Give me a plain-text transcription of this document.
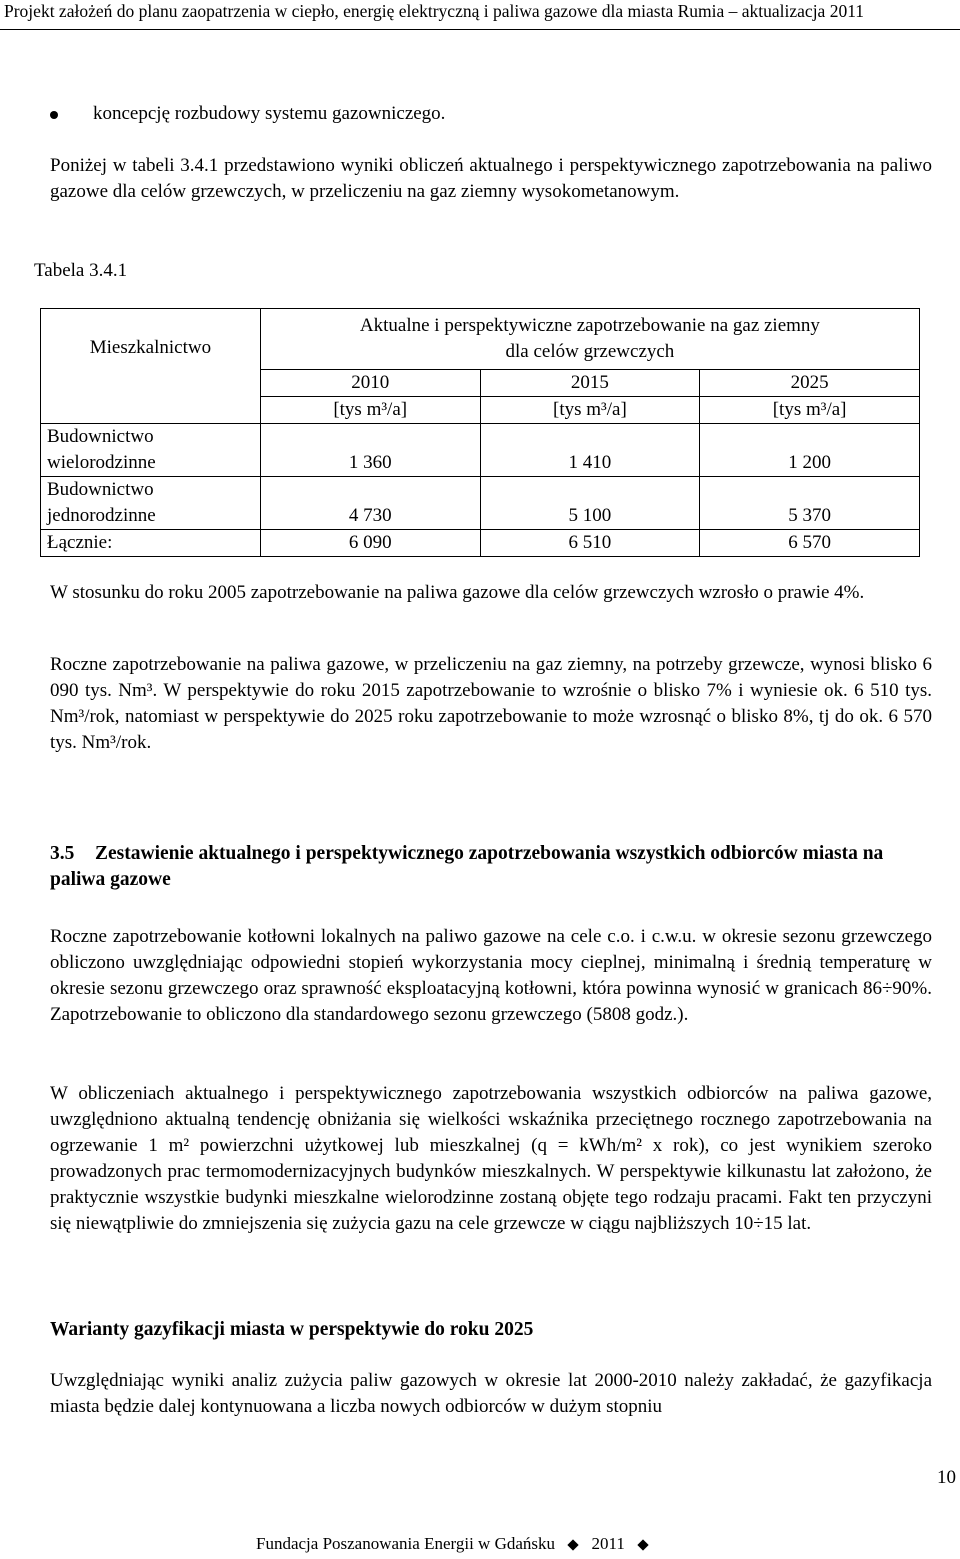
Projekt założeń do planu zaopatrzenia w ciepło, energię elektryczną i paliwa gazowe dla miasta Rumia – aktualizacja 2011
koncepcję rozbudowy systemu gazowniczego.

Poniżej w tabeli 3.4.1 przedstawiono wyniki obliczeń aktualnego i perspektywicznego zapotrzebowania na paliwo gazowe dla celów grzewczych, w przeliczeniu na gaz ziemny wysokometanowym.

Tabela 3.4.1
Mieszkalnictwo	Aktualne i perspektywiczne zapotrzebowanie na gaz ziemny
dla celów grzewczych		

	2010	2015	2025
	[tys m³/a]	[tys m³/a]	[tys m³/a]

Budownictwo
wielorodzinne	1 360	1 410	1 200

Budownictwo
jednorodzinne	4 730	5 100	5 370
Łącznie:	6 090	6 510	6 570

W stosunku do roku 2005 zapotrzebowanie na paliwa gazowe dla celów grzewczych wzrosło o prawie 4%.

Roczne zapotrzebowanie na paliwa gazowe, w przeliczeniu na gaz ziemny, na potrzeby grzewcze, wynosi blisko 6 090 tys. Nm³. W perspektywie do roku 2015 zapotrzebowanie to wzrośnie o blisko 7% i wyniesie ok. 6 510 tys. Nm³/rok, natomiast w perspektywie do 2025 roku zapotrzebowanie to może wzrosnąć o blisko 8%, tj do ok. 6 570 tys. Nm³/rok.

3.5 Zestawienie aktualnego i perspektywicznego zapotrzebowania wszystkich odbiorców miasta na paliwa gazowe

Roczne zapotrzebowanie kotłowni lokalnych na paliwo gazowe na cele c.o. i c.w.u. w okresie sezonu grzewczego obliczono uwzględniając odpowiedni stopień wykorzystania mocy cieplnej, minimalną i średnią temperaturę w okresie sezonu grzewczego oraz sprawność eksploatacyjną kotłowni, która powinna wynosić w granicach 86÷90%. Zapotrzebowanie to obliczono dla standardowego sezonu grzewczego (5808 godz.).

W obliczeniach aktualnego i perspektywicznego zapotrzebowania wszystkich odbiorców na paliwa gazowe, uwzględniono aktualną tendencję obniżania się wielkości wskaźnika przeciętnego rocznego zapotrzebowania na ogrzewanie 1 m² powierzchni użytkowej lub mieszkalnej (q = kWh/m² x rok), co jest wynikiem szeroko prowadzonych prac termomodernizacyjnych budynków mieszkalnych. W perspektywie kilkunastu lat założono, że praktycznie wszystkie budynki mieszkalne wielorodzinne zostaną objęte tego rodzaju pracami. Fakt ten przyczyni się niewątpliwie do zmniejszenia się zużycia gazu na cele grzewcze w ciągu najbliższych 10÷15 lat.

Warianty gazyfikacji miasta w perspektywie do roku 2025

Uwzględniając wyniki analiz zużycia paliw gazowych w okresie lat 2000-2010 należy zakładać, że gazyfikacja miasta będzie dalej kontynuowana a liczba nowych odbiorców w dużym stopniu

10
Fundacja Poszanowania Energii w Gdańsku 2011
